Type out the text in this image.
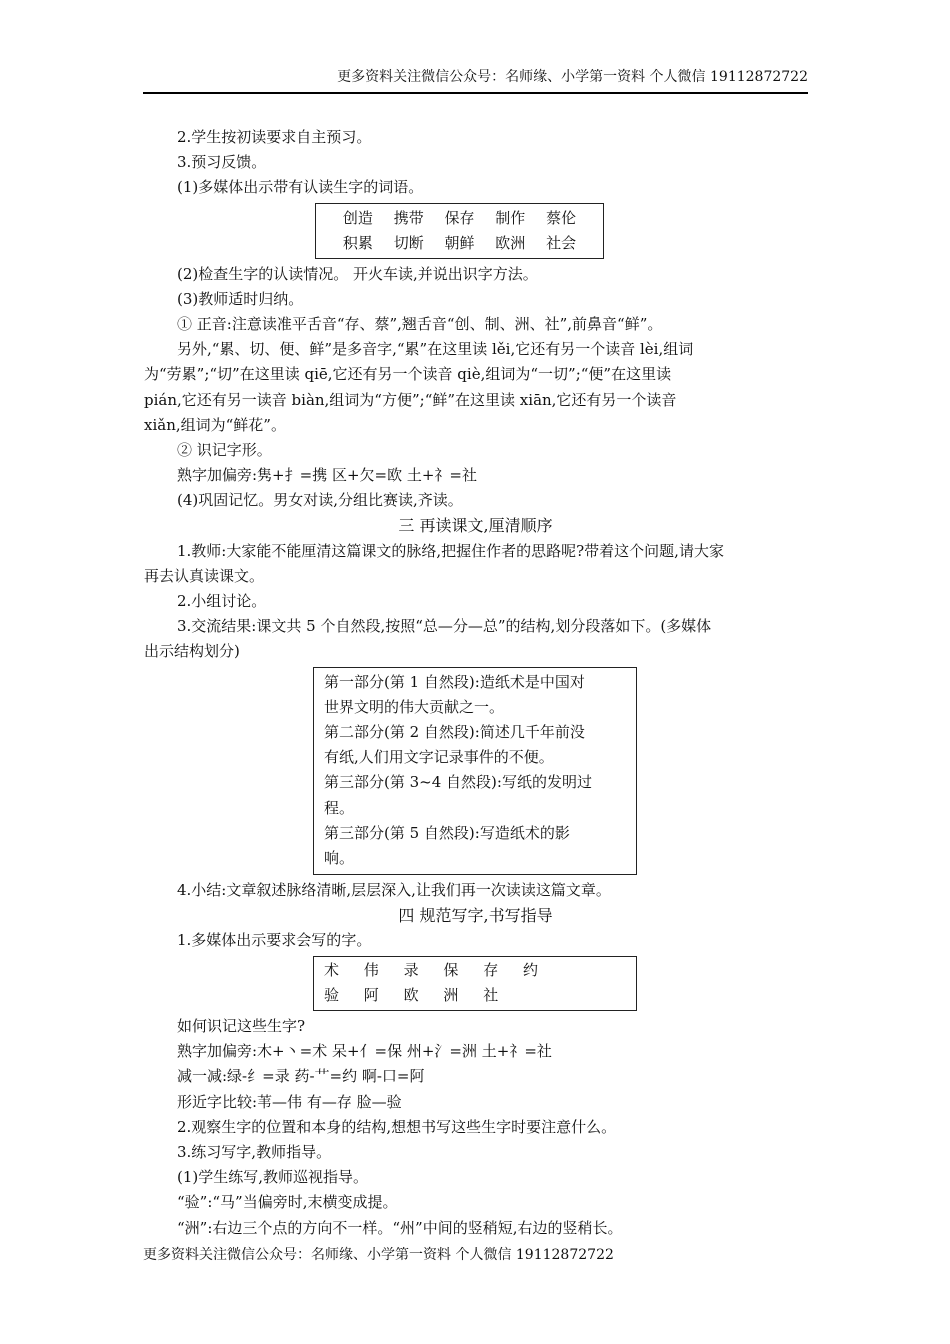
更多资料关注微信公众号：名师缘、小学第一资料 个人微信 19112872722
2.学生按初读要求自主预习。
3.预习反馈。
(1)多媒体出示带有认读生字的词语。
创造 携带 保存 制作 蔡伦
积累 切断 朝鲜 欧洲 社会
(2)检查生字的认读情况。 开火车读,并说出识字方法。
(3)教师适时归纳。
① 正音:注意读准平舌音“存、蔡”,翘舌音“创、制、洲、社”,前鼻音“鲜”。
另外,“累、切、便、鲜”是多音字,“累”在这里读 lěi,它还有另一个读音 lèi,组词
为“劳累”;“切”在这里读 qiē,它还有另一个读音 qiè,组词为“一切”;“便”在这里读
pián,它还有另一读音 biàn,组词为“方便”;“鲜”在这里读 xiān,它还有另一个读音
xiǎn,组词为“鲜花”。
② 识记字形。
熟字加偏旁:隽+扌=携 区+欠=欧 土+礻=社
(4)巩固记忆。男女对读,分组比赛读,齐读。
三 再读课文,厘清顺序
1.教师:大家能不能厘清这篇课文的脉络,把握住作者的思路呢?带着这个问题,请大家
再去认真读课文。
2.小组讨论。
3.交流结果:课文共 5 个自然段,按照“总—分—总”的结构,划分段落如下。(多媒体
出示结构划分)
第一部分(第 1 自然段):造纸术是中国对
世界文明的伟大贡献之一。
第二部分(第 2 自然段):简述几千年前没
有纸,人们用文字记录事件的不便。
第三部分(第 3~4 自然段):写纸的发明过
程。
第三部分(第 5 自然段):写造纸术的影
响。
4.小结:文章叙述脉络清晰,层层深入,让我们再一次读读这篇文章。
四 规范写字,书写指导
1.多媒体出示要求会写的字。
术 伟 录 保 存 约
验 阿 欧 洲 社
如何识记这些生字?
熟字加偏旁:木+丶=术 呆+亻=保 州+氵=洲 土+礻=社
减一减:绿-纟=录 药-艹=约 啊-口=阿
形近字比较:苇—伟 有—存 脸—验
2.观察生字的位置和本身的结构,想想书写这些生字时要注意什么。
3.练习写字,教师指导。
(1)学生练写,教师巡视指导。
“验”:“马”当偏旁时,末横变成提。
“洲”:右边三个点的方向不一样。“州”中间的竖稍短,右边的竖稍长。
更多资料关注微信公众号：名师缘、小学第一资料 个人微信 19112872722
